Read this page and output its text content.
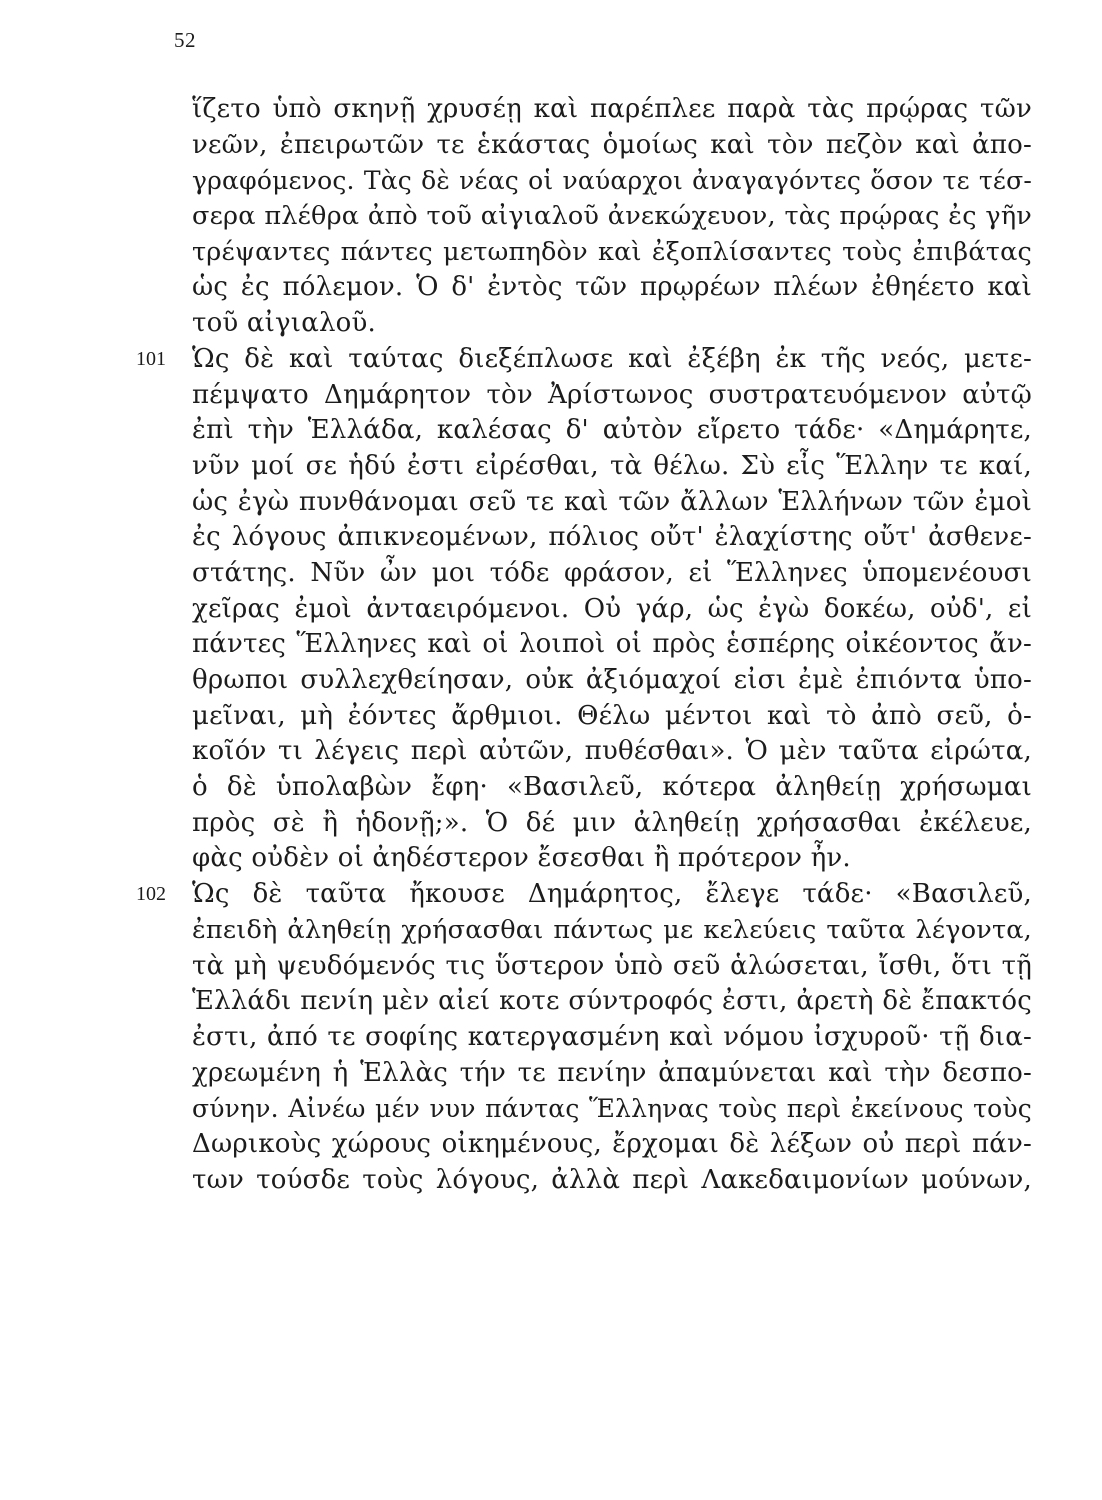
52
ἵζετο ὑπὸ σκηνῇ χρυσέῃ καὶ παρέπλεε παρὰ τὰς πρῴρας τῶν
νεῶν, ἐπειρωτῶν τε ἑκάστας ὁμοίως καὶ τὸν πεζὸν καὶ ἀπο-
γραφόμενος. Τὰς δὲ νέας οἱ ναύαρχοι ἀναγαγόντες ὅσον τε τέσ-
σερα πλέθρα ἀπὸ τοῦ αἰγιαλοῦ ἀνεκώχευον, τὰς πρῴρας ἐς γῆν
τρέψαντες πάντες μετωπηδὸν καὶ ἐξοπλίσαντες τοὺς ἐπιβάτας
ὡς ἐς πόλεμον. Ὁ δ' ἐντὸς τῶν πρῳρέων πλέων ἐθηέετο καὶ
τοῦ αἰγιαλοῦ.
101 Ὡς δὲ καὶ ταύτας διεξέπλωσε καὶ ἐξέβη ἐκ τῆς νεός, μετε-
πέμψατο Δημάρητον τὸν Ἀρίστωνος συστρατευόμενον αὐτῷ
ἐπὶ τὴν Ἑλλάδα, καλέσας δ' αὐτὸν εἴρετο τάδε· «Δημάρητε,
νῦν μοί σε ἡδύ ἐστι εἰρέσθαι, τὰ θέλω. Σὺ εἶς Ἕλλην τε καί,
ὡς ἐγὼ πυνθάνομαι σεῦ τε καὶ τῶν ἄλλων Ἑλλήνων τῶν ἐμοὶ
ἐς λόγους ἀπικνεομένων, πόλιος οὔτ' ἐλαχίστης οὔτ' ἀσθενε-
στάτης. Νῦν ὦν μοι τόδε φράσον, εἰ Ἕλληνες ὑπομενέουσι
χεῖρας ἐμοὶ ἀνταειρόμενοι. Οὐ γάρ, ὡς ἐγὼ δοκέω, οὐδ', εἰ
πάντες Ἕλληνες καὶ οἱ λοιποὶ οἱ πρὸς ἑσπέρης οἰκέοντος ἄν-
θρωποι συλλεχθείησαν, οὐκ ἀξιόμαχοί εἰσι ἐμὲ ἐπιόντα ὑπο-
μεῖναι, μὴ ἐόντες ἄρθμιοι. Θέλω μέντοι καὶ τὸ ἀπὸ σεῦ, ὁ-
κοῖόν τι λέγεις περὶ αὐτῶν, πυθέσθαι». Ὁ μὲν ταῦτα εἰρώτα,
ὁ δὲ ὑπολαβὼν ἔφη· «Βασιλεῦ, κότερα ἀληθείῃ χρήσωμαι
πρὸς σὲ ἢ ἡδονῇ;». Ὁ δέ μιν ἀληθείῃ χρήσασθαι ἐκέλευε,
φὰς οὐδὲν οἱ ἀηδέστερον ἔσεσθαι ἢ πρότερον ἦν.
102 Ὡς δὲ ταῦτα ἤκουσε Δημάρητος, ἔλεγε τάδε· «Βασιλεῦ,
ἐπειδὴ ἀληθείῃ χρήσασθαι πάντως με κελεύεις ταῦτα λέγοντα,
τὰ μὴ ψευδόμενός τις ὕστερον ὑπὸ σεῦ ἁλώσεται, ἴσθι, ὅτι τῇ
Ἑλλάδι πενίη μὲν αἰεί κοτε σύντροφός ἐστι, ἀρετὴ δὲ ἔπακτός
ἐστι, ἀπό τε σοφίης κατεργασμένη καὶ νόμου ἰσχυροῦ· τῇ δια-
χρεωμένη ἡ Ἑλλὰς τήν τε πενίην ἀπαμύνεται καὶ τὴν δεσπο-
σύνην. Αἰνέω μέν νυν πάντας Ἕλληνας τοὺς περὶ ἐκείνους τοὺς
Δωρικοὺς χώρους οἰκημένους, ἔρχομαι δὲ λέξων οὐ περὶ πάν-
των τούσδε τοὺς λόγους, ἀλλὰ περὶ Λακεδαιμονίων μούνων,
